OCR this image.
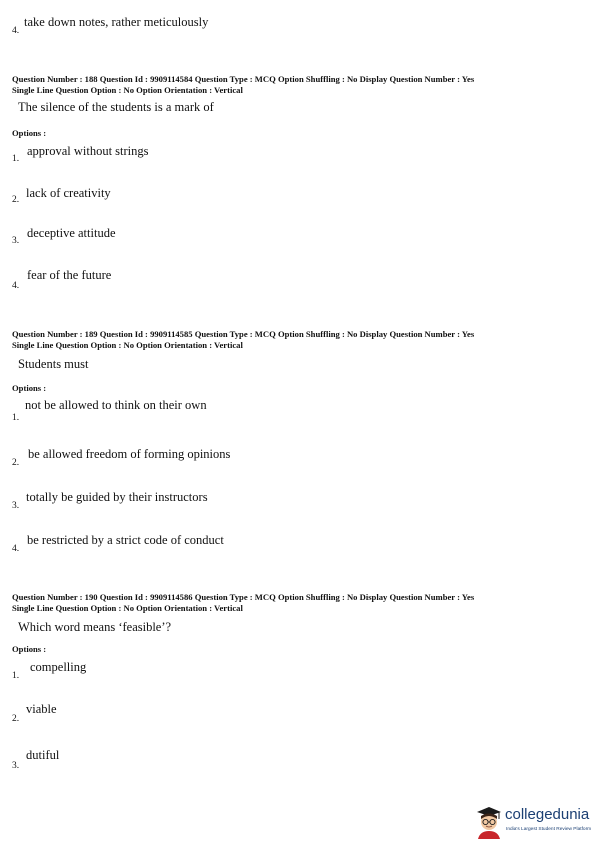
4.
take down notes, rather meticulously
Question Number : 188 Question Id : 9909114584 Question Type : MCQ Option Shuffling : No Display Question Number : Yes
Single Line Question Option : No Option Orientation : Vertical
The silence of the students is a mark of
Options :
1.
approval without strings
2. lack of creativity
3.
deceptive attitude
4.
fear of the future
Question Number : 189 Question Id : 9909114585 Question Type : MCQ Option Shuffling : No Display Question Number : Yes
Single Line Question Option : No Option Orientation : Vertical
Students must
Options :
1.
not be allowed to think on their own
2.
be allowed freedom of forming opinions
3.
totally be guided by their instructors
4.
be restricted by a strict code of conduct
Question Number : 190 Question Id : 9909114586 Question Type : MCQ Option Shuffling : No Display Question Number : Yes
Single Line Question Option : No Option Orientation : Vertical
Which word means ‘feasible’?
Options :
1.
compelling
2.
viable
3.
dutiful
collegedunia
India's Largest Student Review Platform
